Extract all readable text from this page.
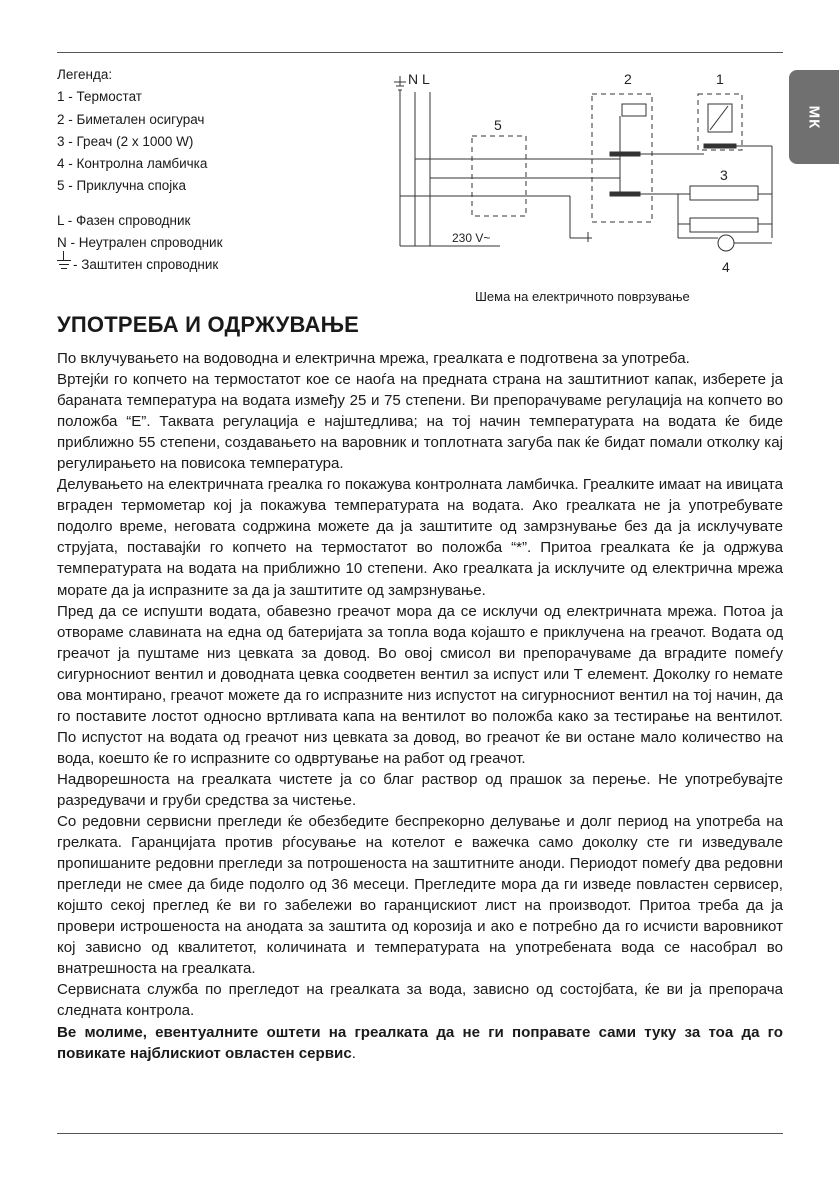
МК
Легенда:
1 - Термостат
2 - Биметален осигурач
3 - Греач (2 x 1000 W)
4 - Контролна ламбичка
5 - Приклучна спојка
L - Фазен спроводник
N - Неутрален спроводник
- Заштитен спроводник
N L
5
2	1
3
4
230 V~
Шема на електричното поврзување
УПОТРЕБА И ОДРЖУВАЊЕ

По вклучувањето на водоводна и електрична мрежа, греалката е подготвена за употреба.

Вртејќи го копчето на термостатот кое се наоѓа на предната страна на заштитниот капак, изберете ја бараната температура на водата између 25 и 75 степени. Ви препорачуваме регулација на копчето во положба “E”. Таквата регулација е најштедлива; на тој начин температурата на водата ќе биде приближно 55 степени, создавањето на варовник и топлотната загуба пак ќе бидат помали отколку кај регулирањето на повисока температура.

Делувањето на електричната греалка го покажува контролната ламбичка. Греалките имаат на ивицата вграден термометар кој ја покажува температурата на водата. Ако греалката не ја употребувате подолго време, неговата содржина можете да ја заштитите од замрзнување без да ја исклучувате струјата, поставајќи го копчето на термостатот во положба “*”. Притоа греалката ќе ја одржува температурата на водата на приближно 10 степени. Ако греалката ја исклучите од електрична мрежа морате да ја испразните за да ја заштитите од замрзнување.

Пред да се испушти водата, обавезно греачот мора да се исклучи од електричната мрежа. Потоа ја отвораме славината на една од батериjата за топла вода којашто е приклучена на греачот. Водата од греачот ја пуштаме низ цевката за довод. Во овој смисол ви препорачуваме да вградите помеѓу сигурносниот вентил и доводната цевка соодветен вентил за испуст или Т елемент. Доколку го немате ова монтирано, греачот можете да го испразните низ испустот на сигурносниот вентил на тој начин, да го поставите лостот односно вртливата капа на вентилот во положба како за тестирање на вентилот. По испустот на водата од греачот низ цевката за довод, во греачот ќе ви остане мало количество на вода, коешто ќе го испразните со одвртување на работ од греачот.

Надворешноста на греалката чистете ја со благ раствор од прашок за перење. Не употребувајте разредувачи и груби средства за чистење.

Со редовни сервисни прегледи ќе обезбедите беспрекорно делување и долг период на употреба на грелката. Гаранцијата против рѓосување на котелот е важечка само доколку сте ги изведувале пропишаните редовни прегледи за потрошеноста на заштитните аноди. Периодот помеѓу два редовни прегледи не смее да биде подолго од 36 месеци. Прегледите мора да ги изведе повластен сервисер, којшто секој преглед ќе ви го забележи во гаранцискиот лист на производот. Притоа треба да ја провери истрошеноста на анодата за заштита од корозија и ако е потребно да го исчисти варовникот кој зависно од квалитетот, количината и температурата на употребената вода се насобрал во внатрешноста на греалката.

Сервисната служба по прегледот на греалката за вода, зависно од состојбата, ќе ви ја препорача следната контрола.

Ве молиме, евентуалните оштети на греалката да не ги поправате сами туку за тоа да го повикате најблискиот овластен сервис.
